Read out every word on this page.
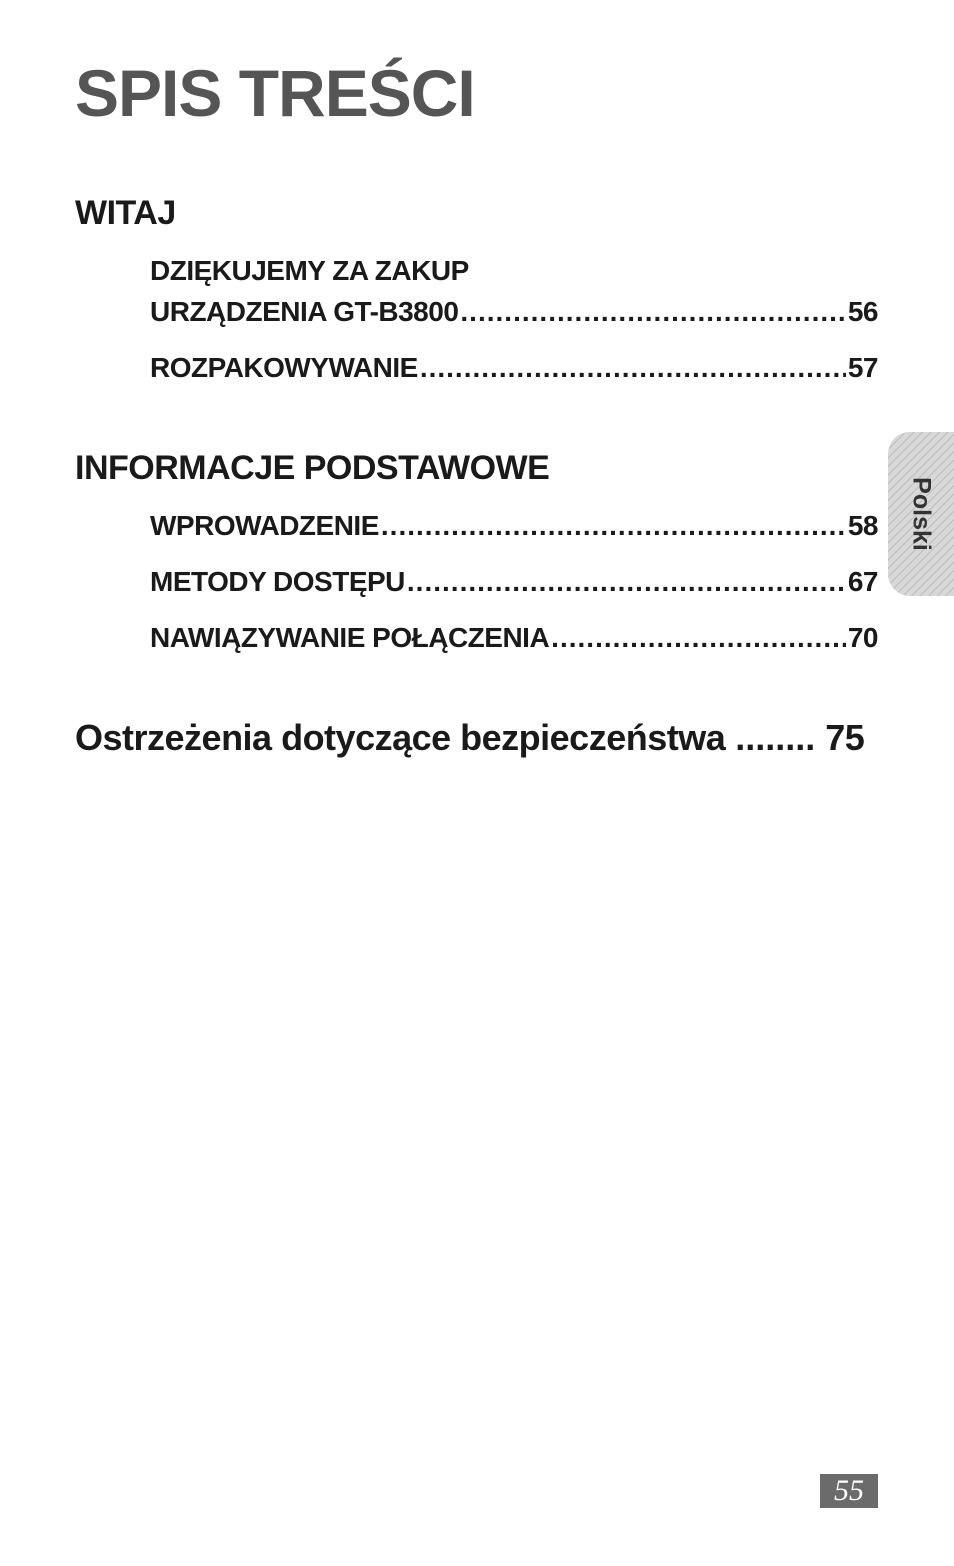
SPIS TREŚCI
WITAJ
DZIĘKUJEMY ZA ZAKUP
URZĄDZENIA GT-B3800 .....	56
ROZPAKOWYWANIE .....	57
INFORMACJE PODSTAWOWE
WPROWADZENIE .....	58
METODY DOSTĘPU .....	67
NAWIĄZYWANIE POŁĄCZENIA .....	70
Ostrzeżenia dotyczące bezpieczeństwa ........ 75
Polski
55
